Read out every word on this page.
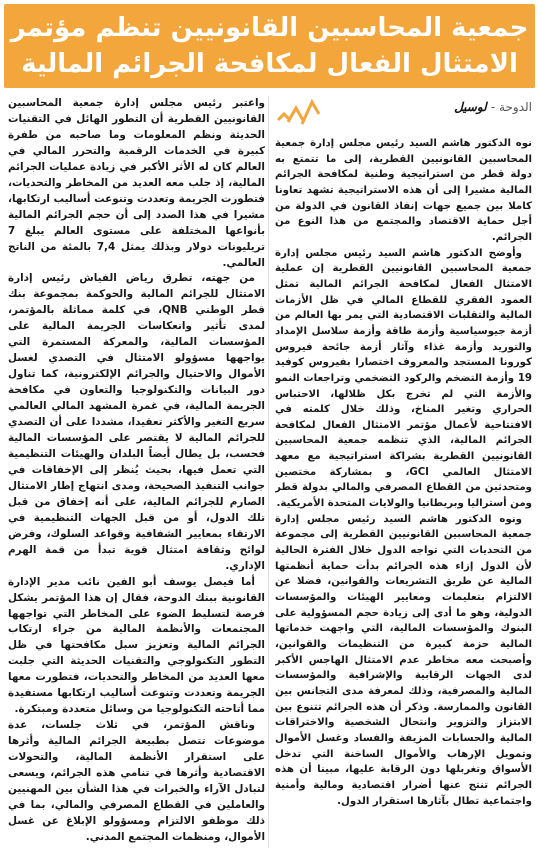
جمعية المحاسبين القانونيين تنظم مؤتمر
الامتثال الفعال لمكافحة الجرائم المالية
الدوحة - لوسيل

نوه الدكتور هاشم السيد رئيس مجلس إدارة جمعية المحاسبين القانونيين القطرية، إلى ما تتمتع به دولة قطر من استراتيجية وطنية لمكافحة الجرائم المالية مشيرا إلى أن هذه الاستراتيجية تشهد تعاونا كاملا بين جميع جهات إنفاذ القانون في الدولة من أجل حماية الاقتصاد والمجتمع من هذا النوع من الجرائم.

وأوضح الدكتور هاشم السيد رئيس مجلس إدارة جمعية المحاسبين القانونيين القطرية إن عملية الامتثال الفعال لمكافحة الجرائم المالية تمثل العمود الفقري للقطاع المالي في ظل الأزمات المالية والتقلبات الاقتصادية التي يمر بها العالم من أزمة جيوسياسية وأزمة طاقة وأزمة سلاسل الإمداد والتوريد وأزمة غذاء وآثار أزمة جائحة فيروس كورونا المستجد والمعروف اختصارا بفيروس كوفيد 19 وأزمة التضخم والركود التضخمي وتراجعات النمو والأزمة التي لم تخرج بكل ظلالها، الاحتباس الحراري وتغير المناخ، وذلك خلال كلمته في الافتتاحية لأعمال مؤتمر الامتثال الفعال لمكافحة الجرائم المالية، الذي تنظمه جمعية المحاسبين القانونيين القطرية بشراكة استراتيجية مع معهد الامتثال العالمي GCI، و بمشاركة مختصين ومتحدثين من القطاع المصرفي والمالي بدولة قطر ومن أستراليا وبريطانيا والولايات المتحدة الأمريكية.

ونوه الدكتور هاشم السيد رئيس مجلس إدارة جمعية المحاسبين القانونيين القطرية إلى مجموعة من التحديات التي تواجه الدول خلال الفترة الحالية لأن الدول إزاء هذه الجرائم بدأت حماية أنظمتها المالية عن طريق التشريعات والقوانين، فضلا عن الالتزام بتعليمات ومعايير الهيئات والمؤسسات الدولية، وهو ما أدى إلى زيادة حجم المسؤولية على البنوك والمؤسسات المالية، التي واجهت خدماتها المالية حزمة كبيرة من التنظيمات والقوانين، وأصبحت معه مخاطر عدم الامتثال الهاجس الأكبر لدى الجهات الرقابية والإشرافية والمؤسسات المالية والمصرفية، وذلك لمعرفة مدى التجانس بين القانون والممارسة. وذكر أن هذه الجرائم تتنوع بين الابتزاز والتزوير وانتحال الشخصية والاختراقات المالية والحسابات المزيفة والفساد وغسل الأموال وتمويل الإرهاب والأموال الساخنة التي تدخل الأسواق وتغربلها دون الرقابة عليها، مبينا أن هذه الجرائم تنتج عنها أضرار اقتصادية ومالية وأمنية واجتماعية تطال بآثارها استقرار الدول.

واعتبر رئيس مجلس إدارة جمعية المحاسبين القانونيين القطرية أن التطور الهائل في التقنيات الحديثة ونظم المعلومات وما صاحبه من طفرة كبيرة في الخدمات الرقمية والتحرر المالي في العالم كان له الأثر الأكبر في زيادة عمليات الجرائم المالية، إذ جلب معه العديد من المخاطر والتحديات، فتطورت الجريمة وتعددت وتنوعت أساليب ارتكابها، مشيرا في هذا الصدد إلى أن حجم الجرائم المالية بأنواعها المختلفة على مستوى العالم يبلغ 7 تريليونات دولار وبذلك يمثل 7,4 بالمئة من الناتج العالمي.

من جهته، تطرق رياض الفياش رئيس إدارة الامتثال للجرائم المالية والحوكمة بمجموعة بنك قطر الوطني QNB، في كلمة مماثلة بالمؤتمر، لمدى تأثير وانعكاسات الجريمة المالية على المؤسسات المالية، والمعركة المستمرة التي يواجهها مسؤولو الامتثال في التصدي لغسل الأموال والاحتيال والجرائم الإلكترونية، كما تناول دور البيانات والتكنولوجيا والتعاون في مكافحة الجريمة المالية، في غمرة المشهد المالي العالمي سريع التغير والأكثر تعقيدا، مشددا على أن التصدي للجرائم المالية لا يقتصر على المؤسسات المالية فحسب، بل يطال أيضاً البلدان والهيئات التنظيمية التي تعمل فيها، بحيث يُنظر إلى الإخفاقات في جوانب التنفيذ الصحيحة، ومدى انتهاج إطار الامتثال الصارم للجرائم المالية، على أنه إخفاق من قبل تلك الدول، أو من قبل الجهات التنظيمية في الارتقاء بمعايير الشفافية وقواعد السلوك، وفرض لوائح وثقافة امتثال قوية تبدأ من قمة الهرم الإداري.

أما فيصل يوسف أبو الفين نائب مدير الإدارة القانونية ببنك الدوحة، فقال إن هذا المؤتمر يشكل فرصة لتسليط الضوء على المخاطر التي تواجهها المجتمعات والأنظمة المالية من جراء ارتكاب الجرائم المالية وتعزيز سبل مكافحتها في ظل التطور التكنولوجي والتقنيات الحديثة التي جلبت معها العديد من المخاطر والتحديات، فتطورت معها الجريمة وتعددت وتنوعت أساليب ارتكابها مستفيدة مما أتاحته التكنولوجيا من وسائل متعددة ومبتكرة.

وناقش المؤتمر، في ثلاث جلسات، عدة موضوعات تتصل بطبيعة الجرائم المالية وأثرها على استقرار الأنظمة المالية، والتحولات الاقتصادية وأثرها في تنامي هذه الجرائم، ويسعى لتبادل الآراء والخبرات في هذا الشأن بين المهنيين والعاملين في القطاع المصرفي والمالي، بما في ذلك موظفو الالتزام ومسؤولو الإبلاغ عن غسل الأموال، ومنظمات المجتمع المدني.
